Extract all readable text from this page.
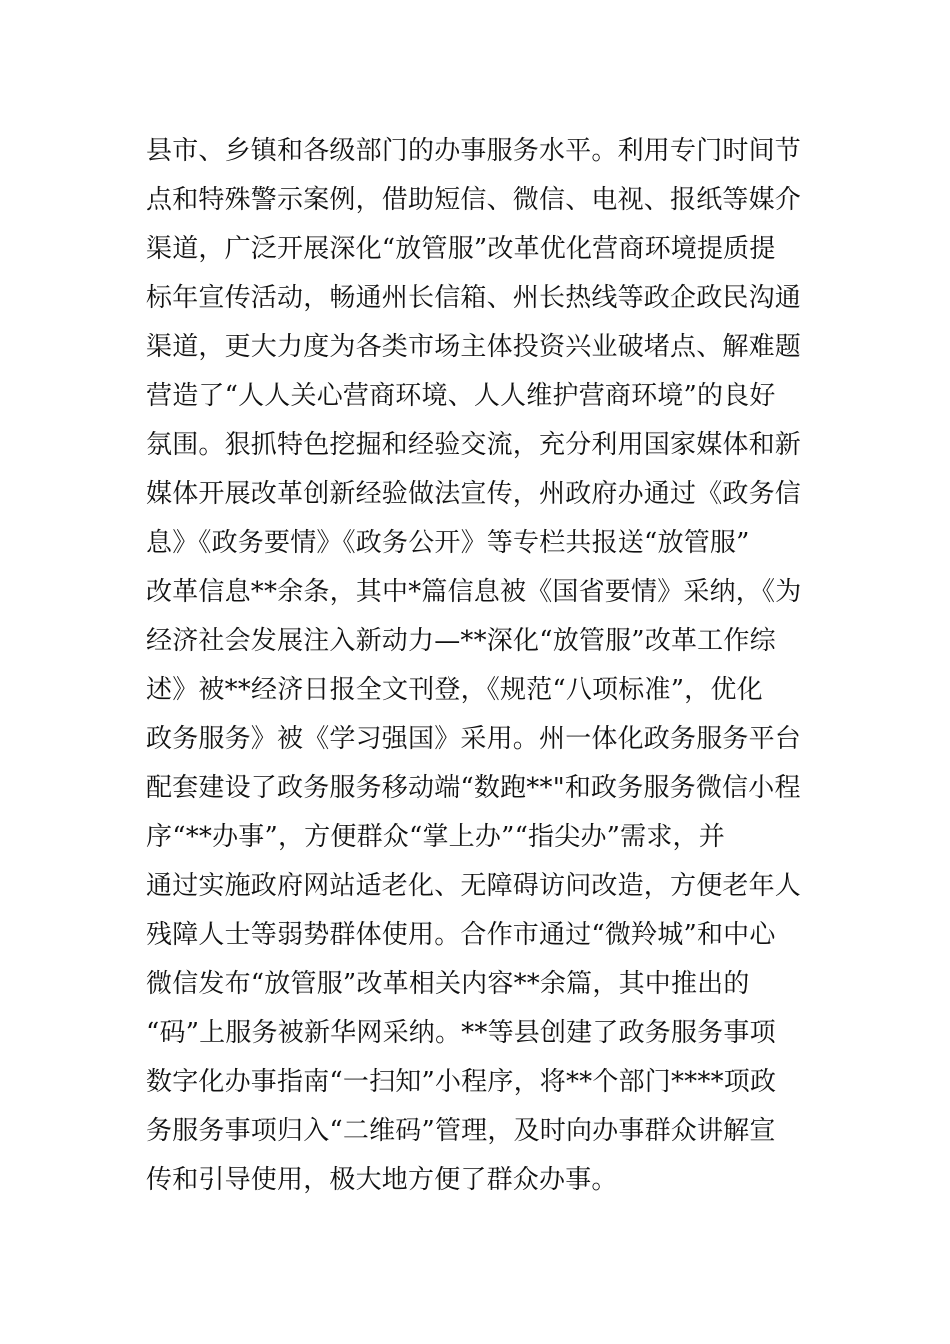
县市、乡镇和各级部门的办事服务水平。利用专门时间节
点和特殊警示案例，借助短信、微信、电视、报纸等媒介
渠道，广泛开展深化“放管服”改革优化营商环境提质提
标年宣传活动，畅通州长信箱、州长热线等政企政民沟通
渠道，更大力度为各类市场主体投资兴业破堵点、解难题
营造了“人人关心营商环境、人人维护营商环境”的良好
氛围。狠抓特色挖掘和经验交流，充分利用国家媒体和新
媒体开展改革创新经验做法宣传，州政府办通过《政务信
息》《政务要情》《政务公开》等专栏共报送“放管服”
改革信息**余条，其中*篇信息被《国省要情》采纳，《为
经济社会发展注入新动力—**深化“放管服”改革工作综
述》被**经济日报全文刊登，《规范“八项标准”，优化
政务服务》被《学习强国》采用。州一体化政务服务平台
配套建设了政务服务移动端“数跑**"和政务服务微信小程
序“**办事”，方便群众“掌上办”“指尖办”需求，并
通过实施政府网站适老化、无障碍访问改造，方便老年人
残障人士等弱势群体使用。合作市通过“微羚城”和中心
微信发布“放管服”改革相关内容**余篇，其中推出的
“码”上服务被新华网采纳。**等县创建了政务服务事项
数字化办事指南“一扫知”小程序，将**个部门****项政
务服务事项归入“二维码”管理，及时向办事群众讲解宣
传和引导使用，极大地方便了群众办事。
